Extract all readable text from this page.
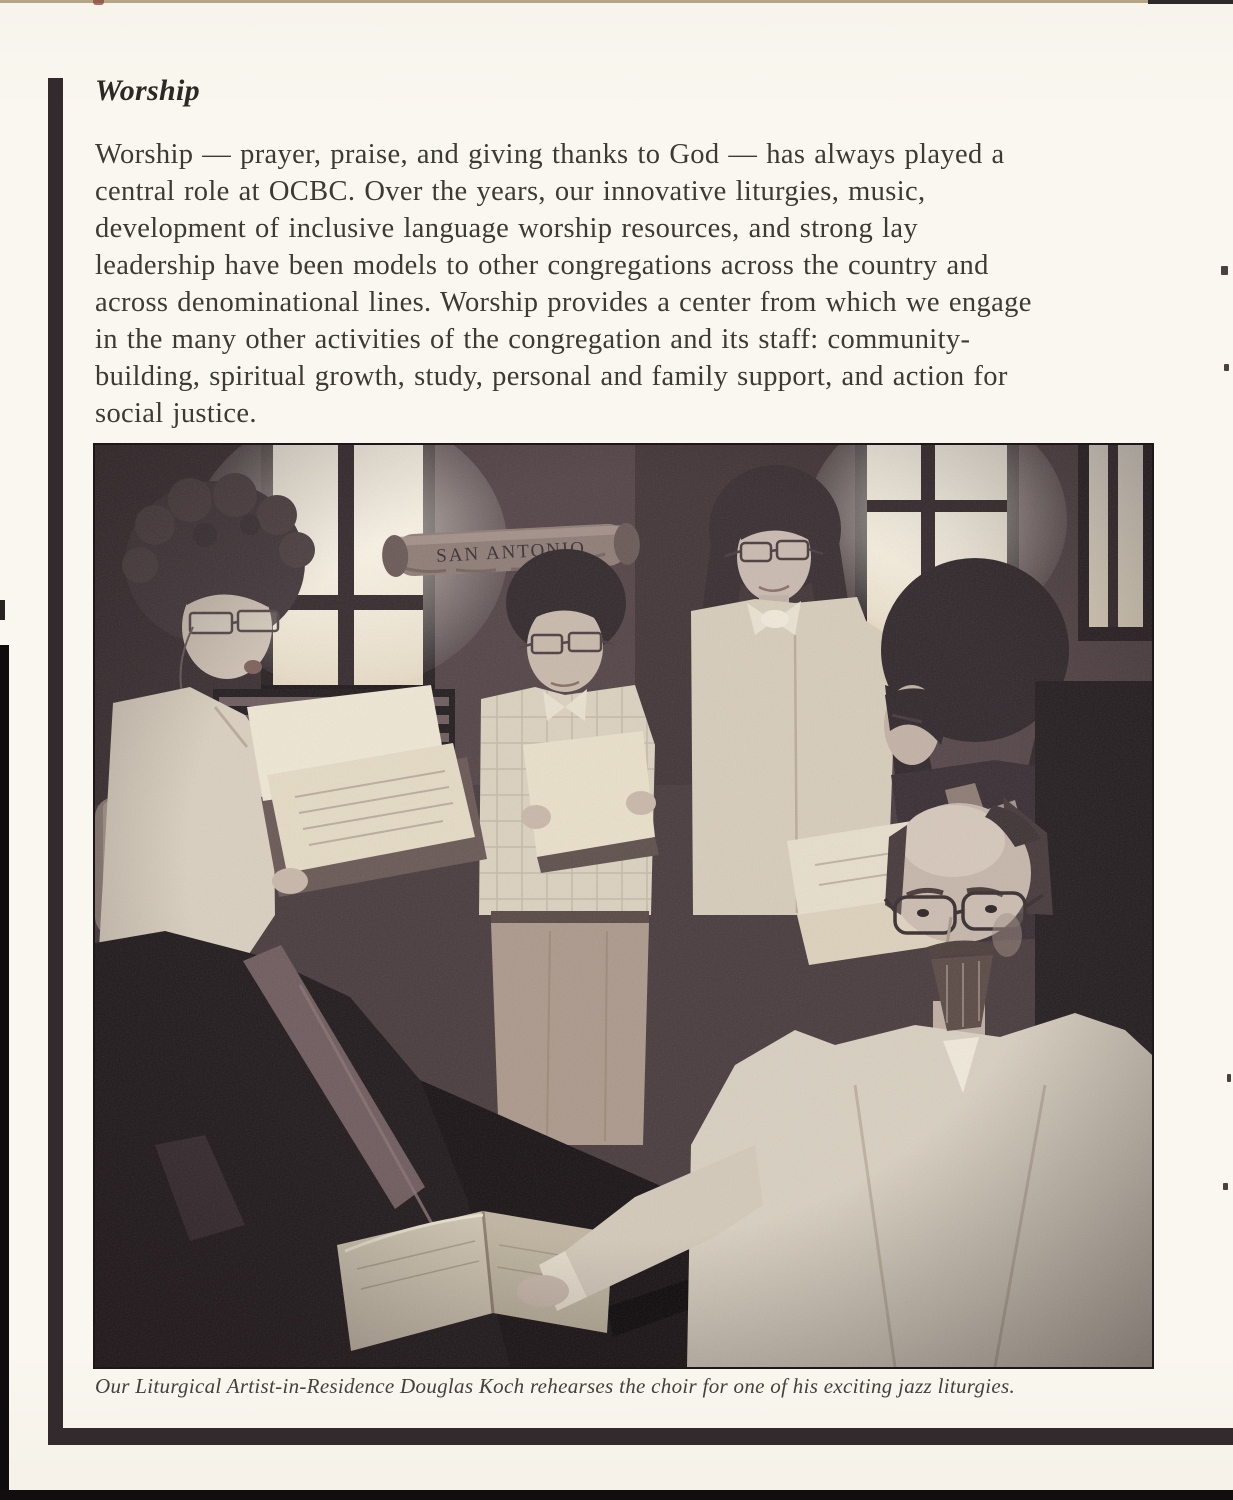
Worship
Worship — prayer, praise, and giving thanks to God — has always played a
central role at OCBC. Over the years, our innovative liturgies, music,
development of inclusive language worship resources, and strong lay
leadership have been models to other congregations across the country and
across denominational lines. Worship provides a center from which we engage
in the many other activities of the congregation and its staff: community-
building, spiritual growth, study, personal and family support, and action for
social justice.
Our Liturgical Artist-in-Residence Douglas Koch rehearses the choir for one of his exciting jazz liturgies.
